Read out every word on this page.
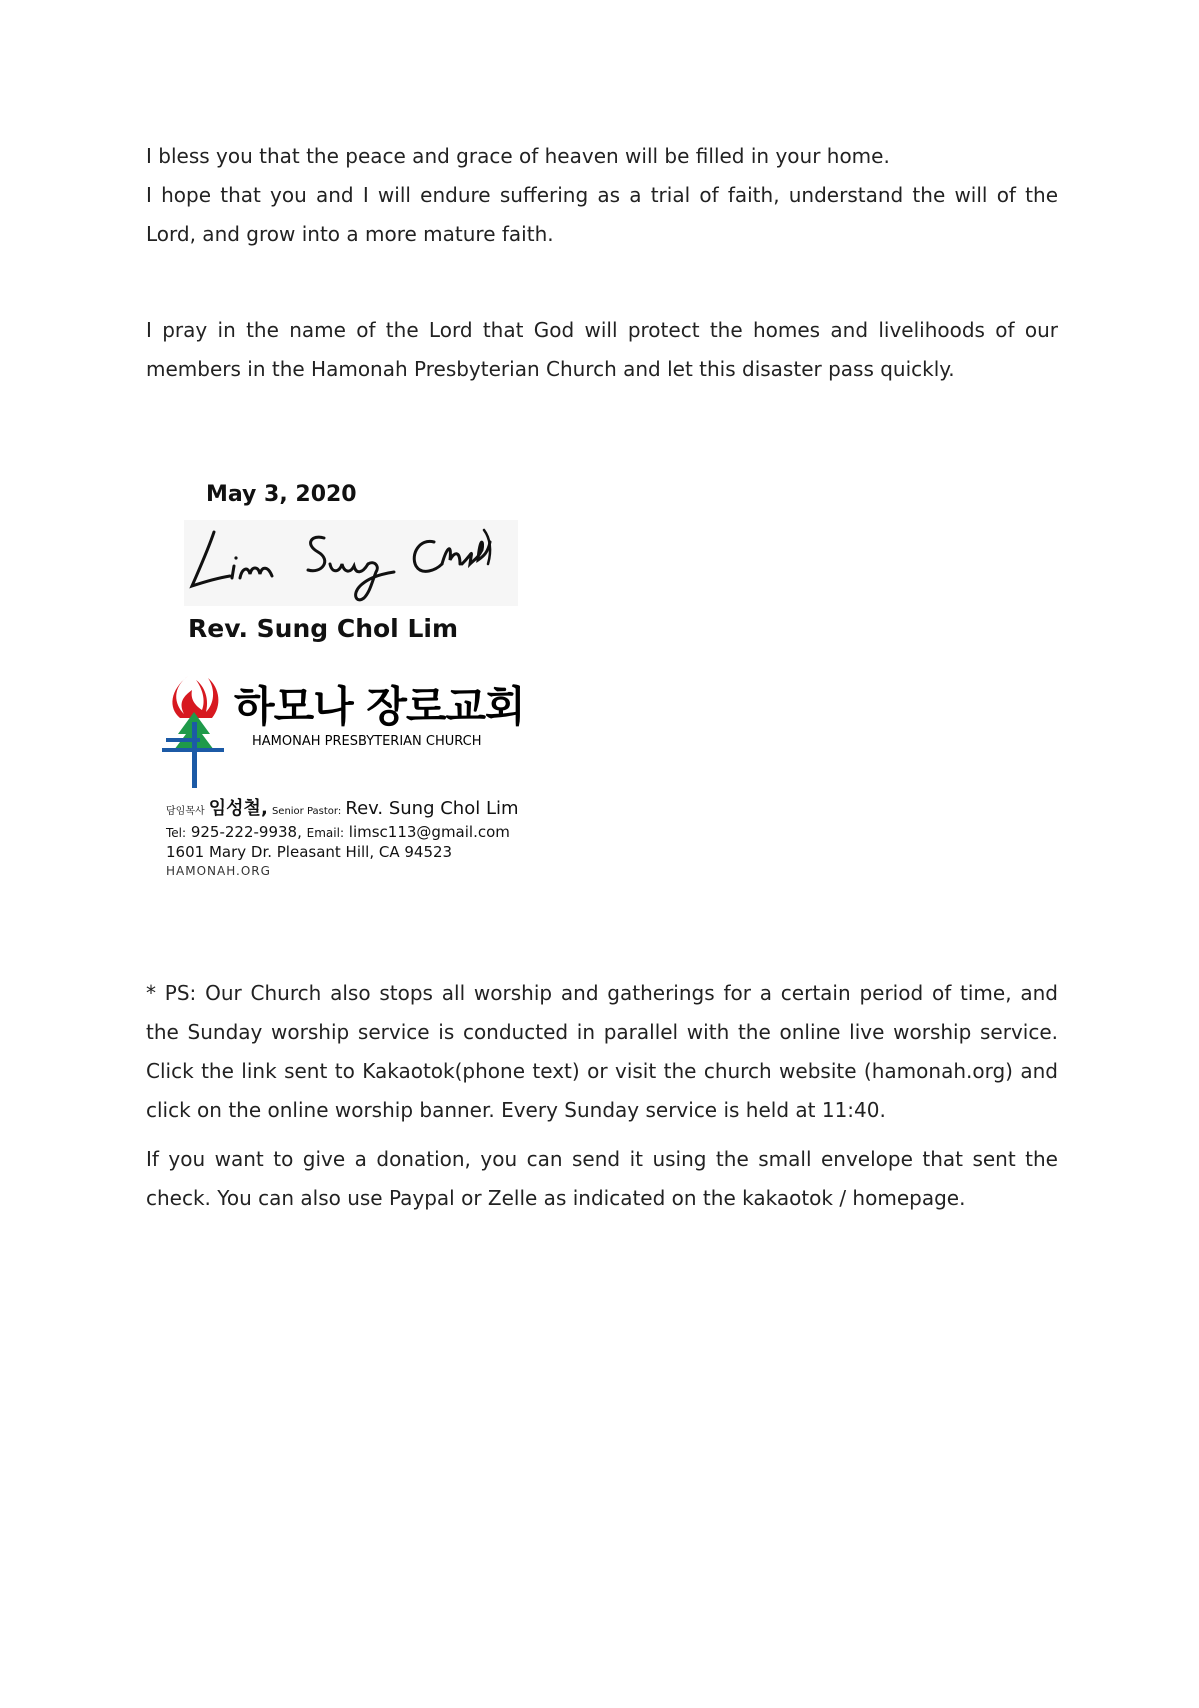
I bless you that the peace and grace of heaven will be filled in your home.
I hope that you and I will endure suffering as a trial of faith, understand the will of the Lord, and grow into a more mature faith.

I pray in the name of the Lord that God will protect the homes and livelihoods of our members in the Hamonah Presbyterian Church and let this disaster pass quickly.

May 3, 2020
Rev. Sung Chol Lim
하모나 장로교회
HAMONAH PRESBYTERIAN CHURCH
담임목사 임성철, Senior Pastor: Rev. Sung Chol Lim
Tel: 925-222-9938, Email: limsc113@gmail.com
1601 Mary Dr. Pleasant Hill, CA 94523
HAMONAH.ORG

* PS: Our Church also stops all worship and gatherings for a certain period of time, and the Sunday worship service is conducted in parallel with the online live worship service. Click the link sent to Kakaotok(phone text) or visit the church website (hamonah.org) and click on the online worship banner. Every Sunday service is held at 11:40.

If you want to give a donation, you can send it using the small envelope that sent the check. You can also use Paypal or Zelle as indicated on the kakaotok / homepage.
